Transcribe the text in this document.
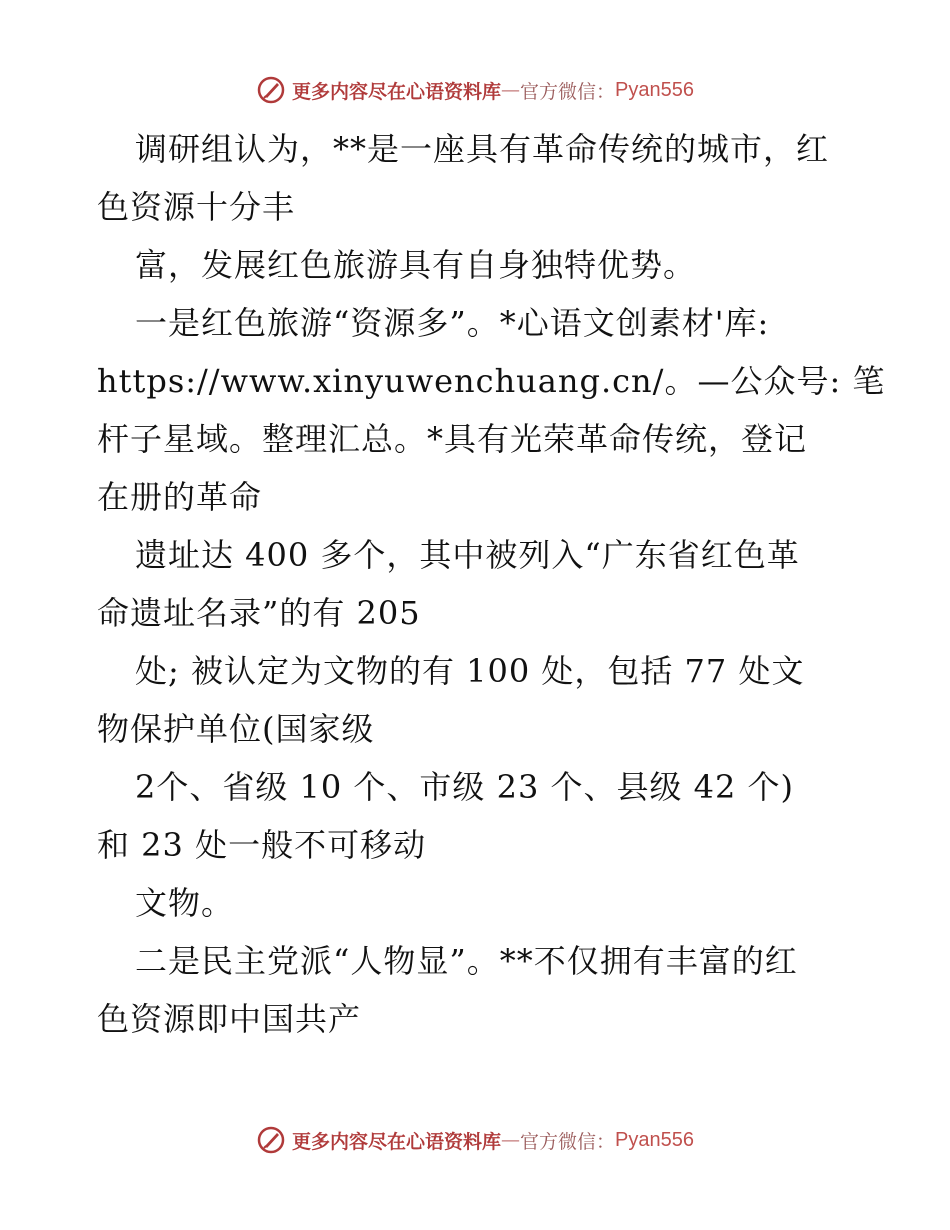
更多内容尽在心语资料库 — 官方微信： Pyan556
调研组认为，**是一座具有革命传统的城市，红
色资源十分丰
富，发展红色旅游具有自身独特优势。
一是红色旅游“资源多”。*心语文创素材'库:
https://www.xinyuwenchuang.cn/。—公众号: 笔
杆子星域。整理汇总。*具有光荣革命传统，登记
在册的革命
遗址达 400 多个，其中被列入“广东省红色革
命遗址名录”的有 205
处; 被认定为文物的有 100 处，包括 77 处文
物保护单位(国家级
2个、省级 10 个、市级 23 个、县级 42 个)
和 23 处一般不可移动
文物。
二是民主党派“人物显”。**不仅拥有丰富的红
色资源即中国共产
更多内容尽在心语资料库 — 官方微信： Pyan556
